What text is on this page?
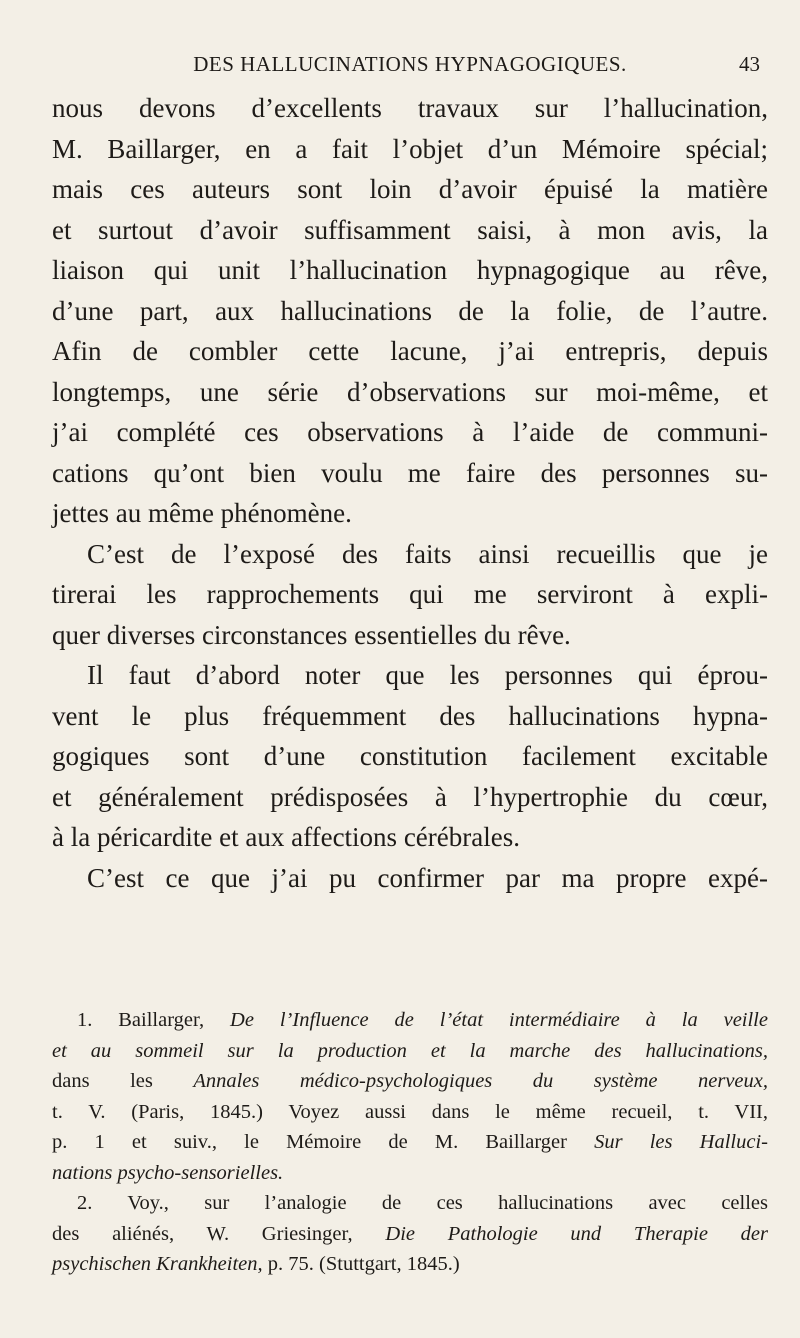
DES HALLUCINATIONS HYPNAGOGIQUES.	43
nous devons d’excellents travaux sur l’hallucination,
M. Baillarger, en a fait l’objet d’un Mémoire spécial;
mais ces auteurs sont loin d’avoir épuisé la matière
et surtout d’avoir suffisamment saisi, à mon avis, la
liaison qui unit l’hallucination hypnagogique au rêve,
d’une part, aux hallucinations de la folie, de l’autre.
Afin de combler cette lacune, j’ai entrepris, depuis
longtemps, une série d’observations sur moi-même, et
j’ai complété ces observations à l’aide de communi-
cations qu’ont bien voulu me faire des personnes su-
jettes au même phénomène.
C’est de l’exposé des faits ainsi recueillis que je
tirerai les rapprochements qui me serviront à expli-
quer diverses circonstances essentielles du rêve.
Il faut d’abord noter que les personnes qui éprou-
vent le plus fréquemment des hallucinations hypna-
gogiques sont d’une constitution facilement excitable
et généralement prédisposées à l’hypertrophie du cœur,
à la péricardite et aux affections cérébrales.
C’est ce que j’ai pu confirmer par ma propre expé-
1. Baillarger, De l’Influence de l’état intermédiaire à la veille
et au sommeil sur la production et la marche des hallucinations,
dans les Annales médico-psychologiques du système nerveux,
t. V. (Paris, 1845.) Voyez aussi dans le même recueil, t. VII,
p. 1 et suiv., le Mémoire de M. Baillarger Sur les Halluci-
nations psycho-sensorielles.
2. Voy., sur l’analogie de ces hallucinations avec celles
des aliénés, W. Griesinger, Die Pathologie und Therapie der
psychischen Krankheiten, p. 75. (Stuttgart, 1845.)
